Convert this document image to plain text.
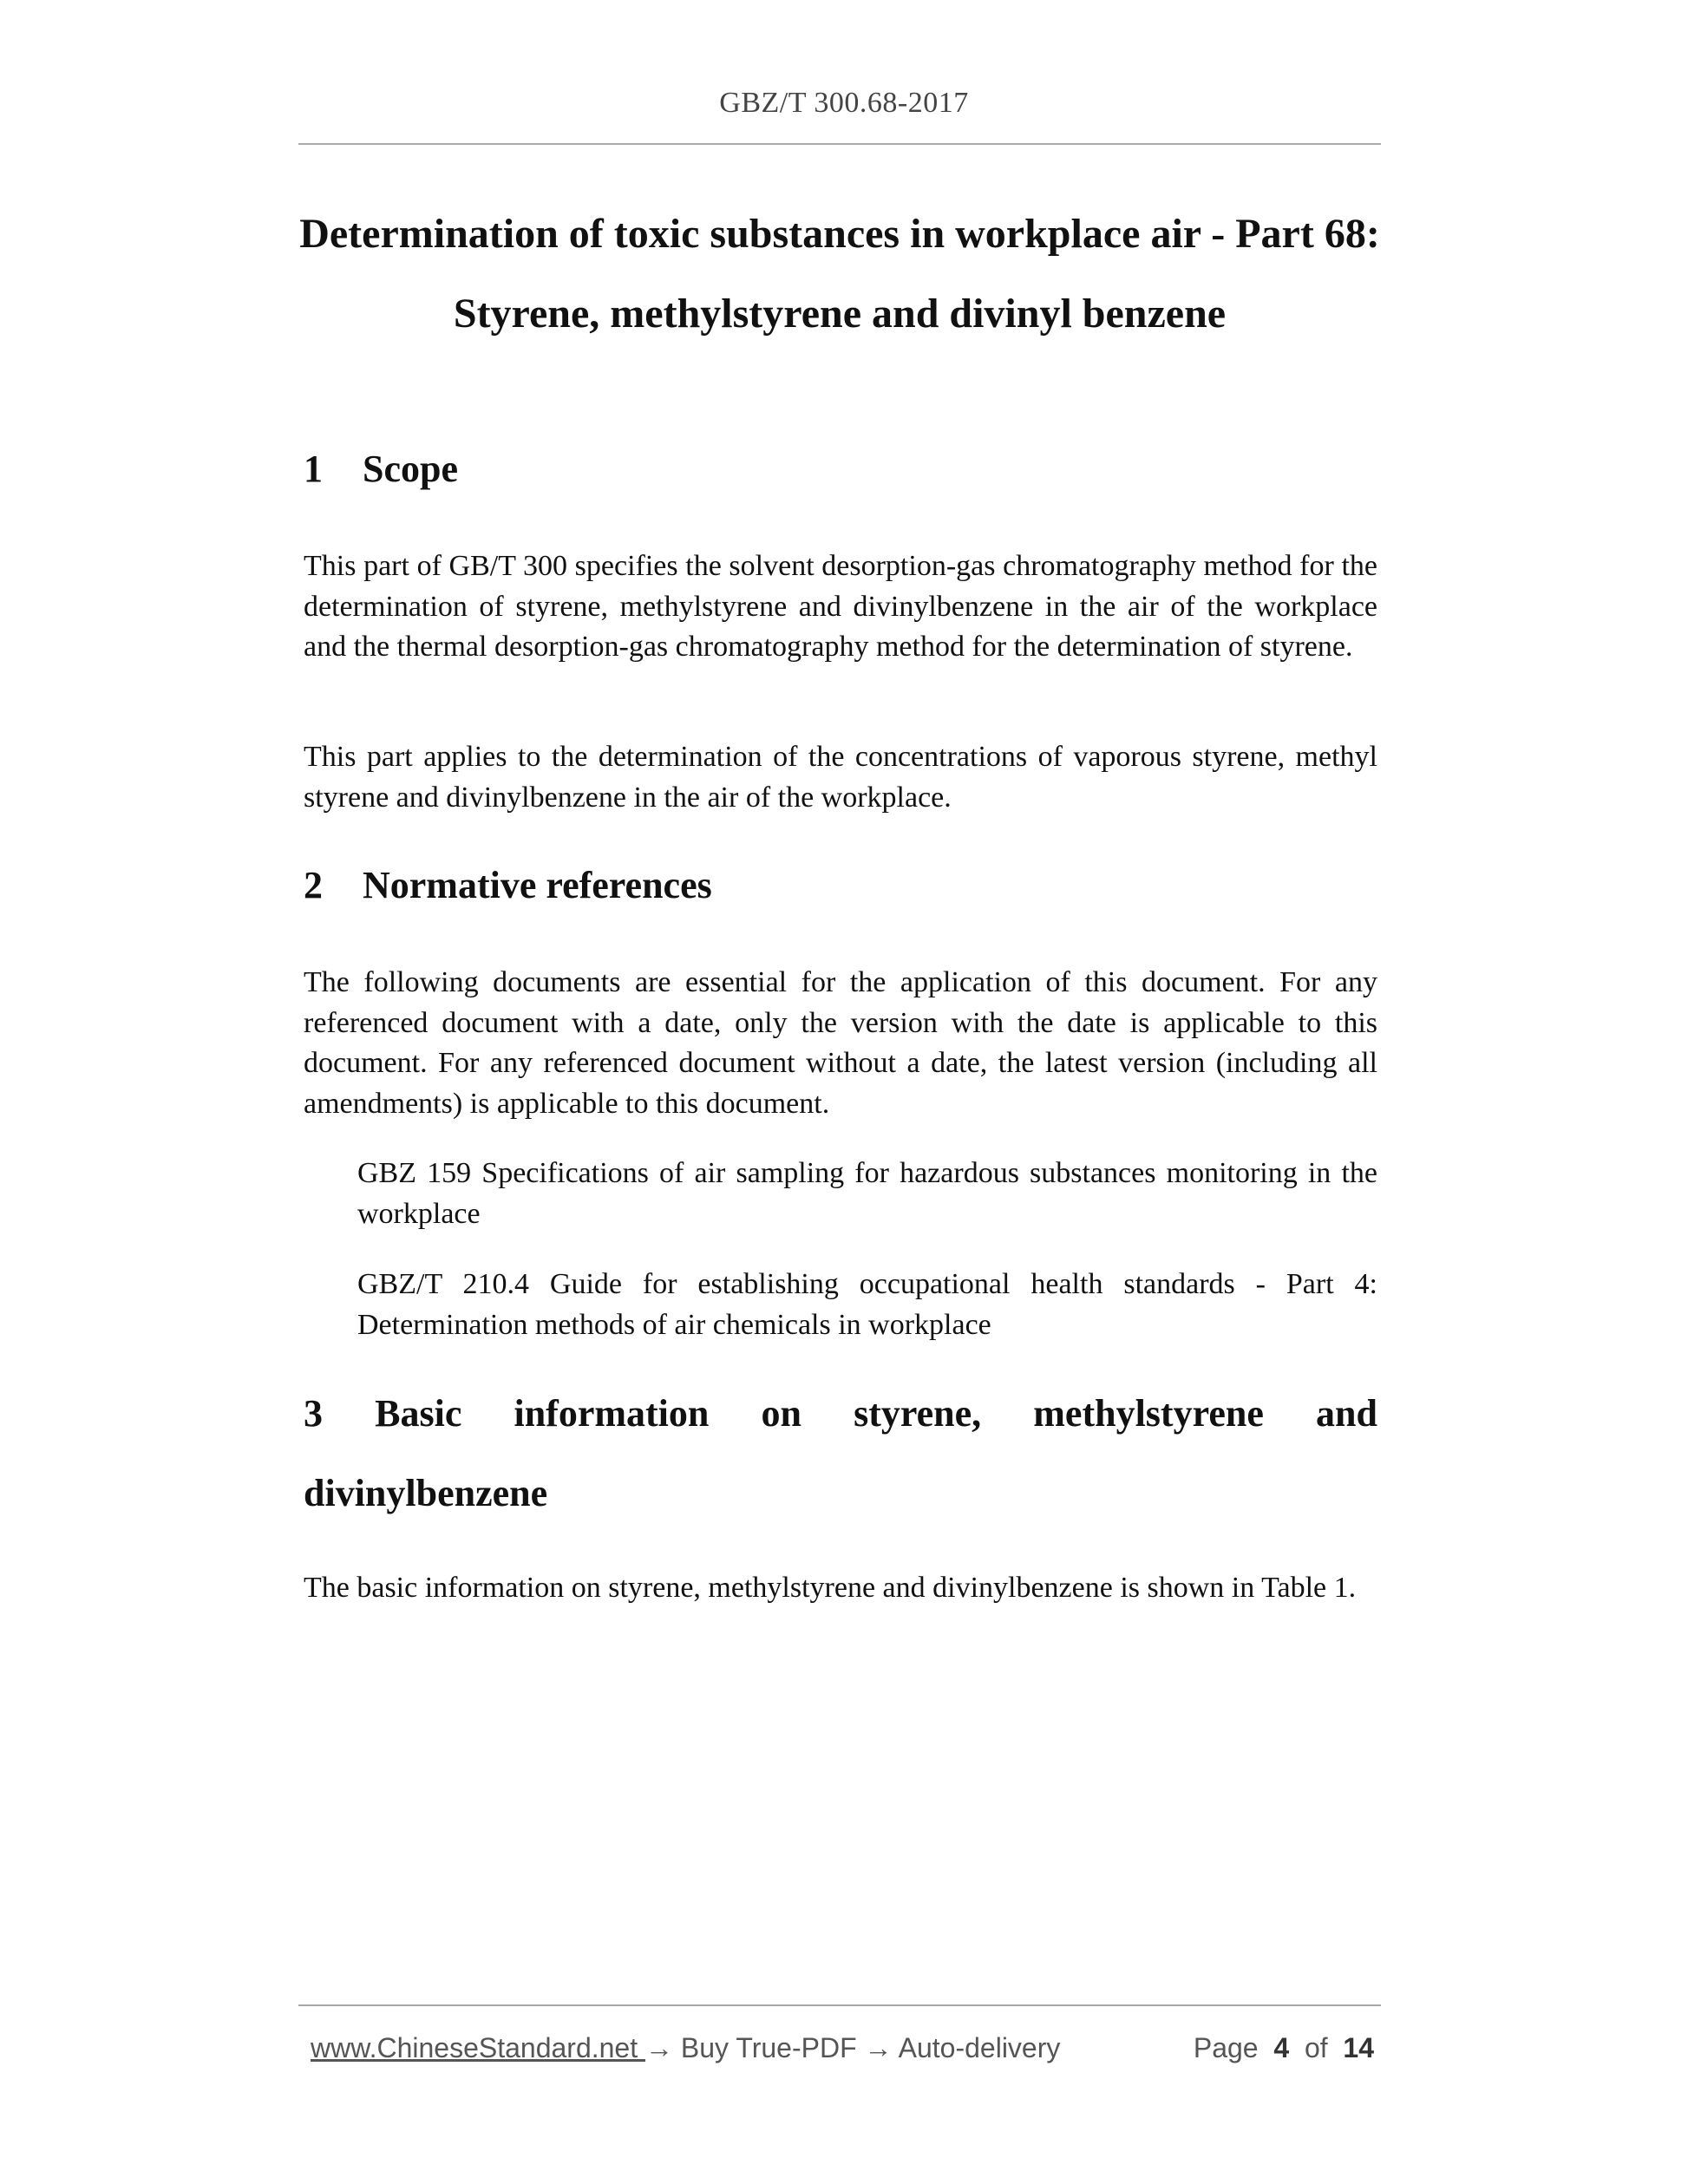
GBZ/T 300.68-2017
Determination of toxic substances in workplace air - Part 68:
Styrene, methylstyrene and divinyl benzene
1 Scope
This part of GB/T 300 specifies the solvent desorption-gas chromatography method for the determination of styrene, methylstyrene and divinylbenzene in the air of the workplace and the thermal desorption-gas chromatography method for the determination of styrene.
This part applies to the determination of the concentrations of vaporous styrene, methyl styrene and divinylbenzene in the air of the workplace.
2 Normative references
The following documents are essential for the application of this document. For any referenced document with a date, only the version with the date is applicable to this document. For any referenced document without a date, the latest version (including all amendments) is applicable to this document.
GBZ 159 Specifications of air sampling for hazardous substances monitoring in the workplace
GBZ/T 210.4 Guide for establishing occupational health standards - Part 4: Determination methods of air chemicals in workplace
3 Basic information on styrene, methylstyrene and
divinylbenzene
The basic information on styrene, methylstyrene and divinylbenzene is shown in Table 1.
www.ChineseStandard.net → Buy True-PDF → Auto-delivery	Page 4 of 14
